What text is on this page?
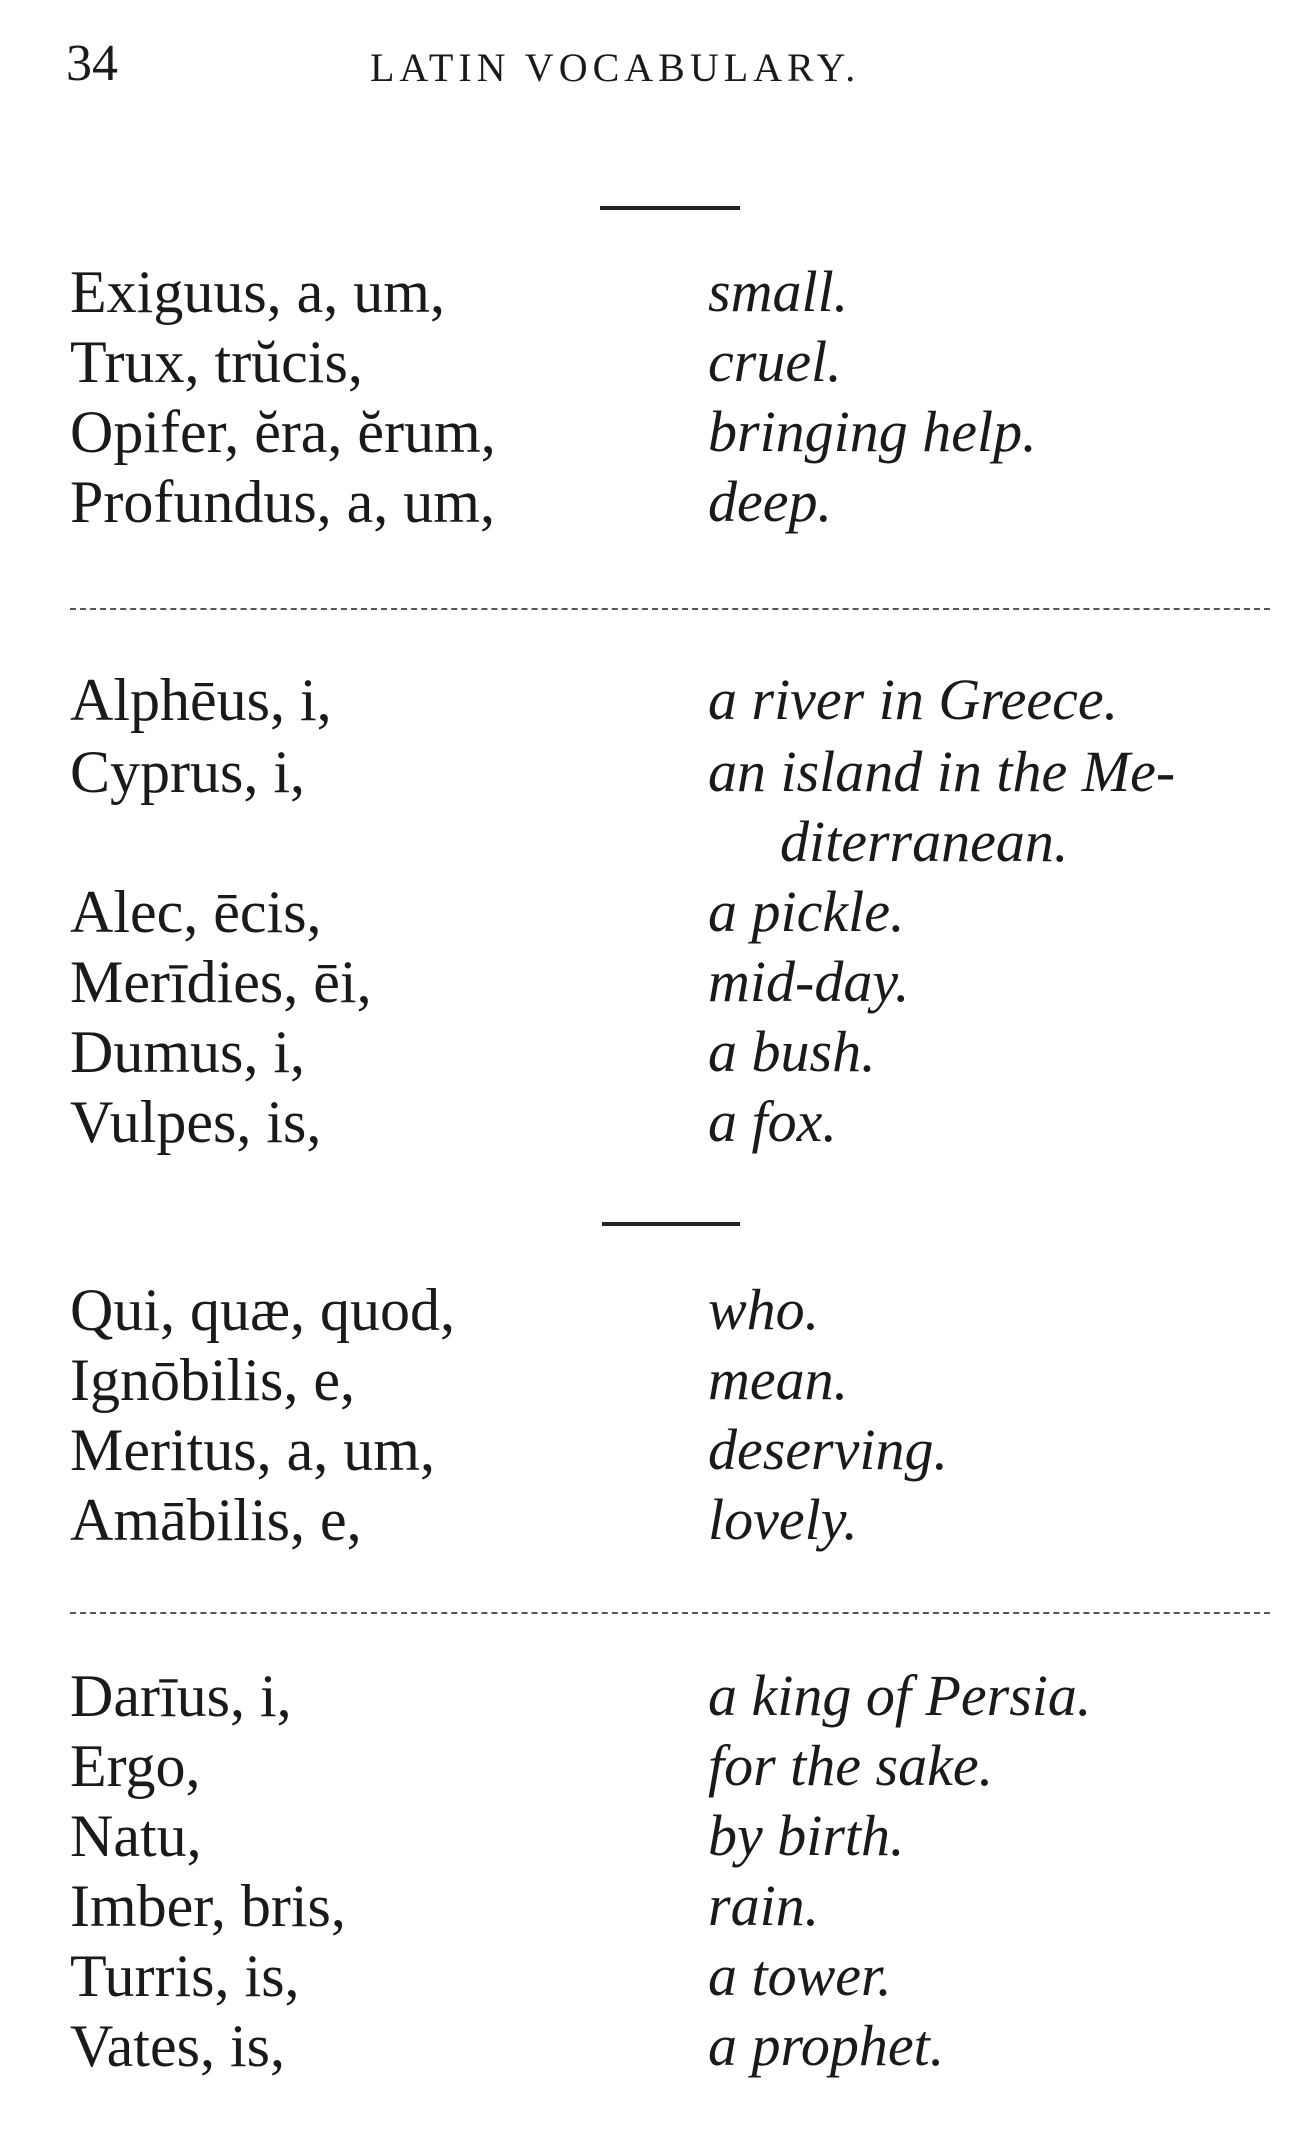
34	LATIN VOCABULARY.
Exiguus, a, um,	small.
Trux, trŭcis,	cruel.
Opifer, ĕra, ĕrum,	bringing help.
Profundus, a, um,	deep.
Alphēus, i,	a river in Greece.
Cyprus, i,	an island in the Me-
diterranean.
Alec, ēcis,	a pickle.
Merīdies, ēi,	mid-day.
Dumus, i,	a bush.
Vulpes, is,	a fox.
Qui, quæ, quod,	who.
Ignōbilis, e,	mean.
Meritus, a, um,	deserving.
Amābilis, e,	lovely.
Darīus, i,	a king of Persia.
Ergo,	for the sake.
Natu,	by birth.
Imber, bris,	rain.
Turris, is,	a tower.
Vates, is,	a prophet.
